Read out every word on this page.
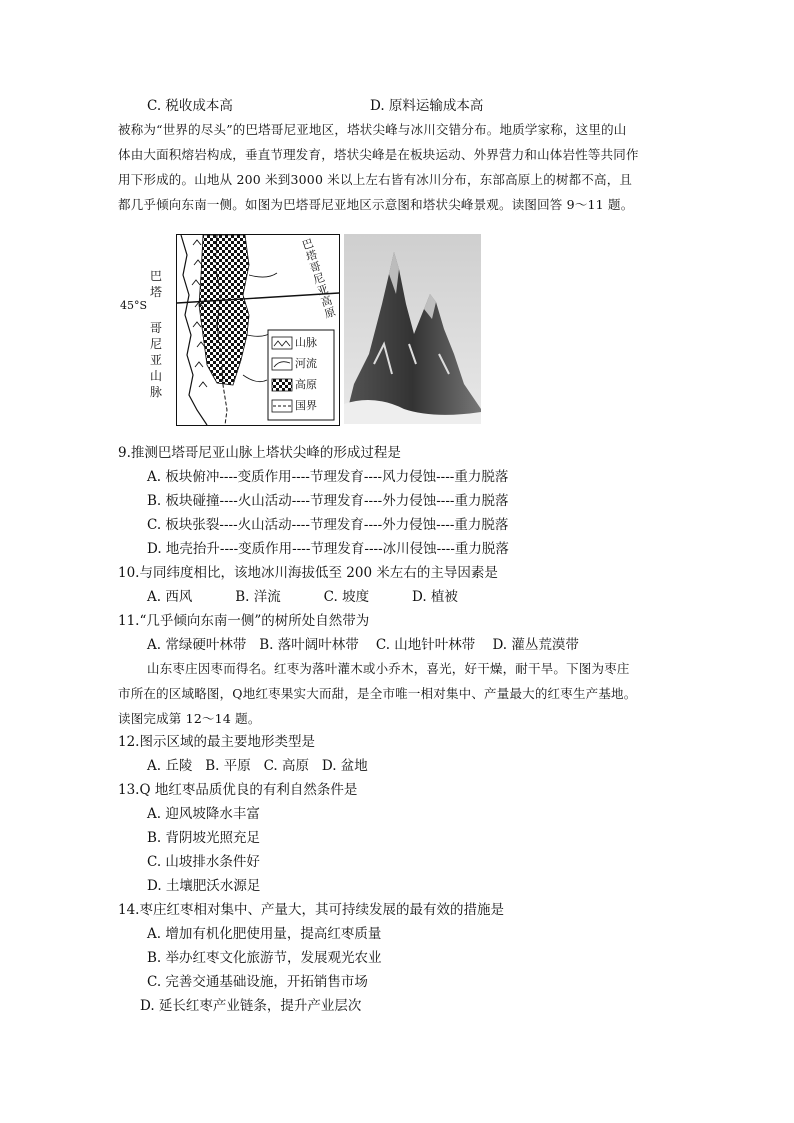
C. 税收成本高	D. 原料运输成本高
被称为“世界的尽头”的巴塔哥尼亚地区，塔状尖峰与冰川交错分布。地质学家称，这里的山
体由大面积熔岩构成，垂直节理发育，塔状尖峰是在板块运动、外界营力和山体岩性等共同作
用下形成的。山地从 200 米到3000 米以上左右皆有冰川分布，东部高原上的树都不高，且
都几乎倾向东南一侧。如图为巴塔哥尼亚地区示意图和塔状尖峰景观。读图回答 9～11 题。
45°S
巴
塔
哥
尼
亚
山
脉
山脉
河流
高原
国界
巴塔哥尼亚高原
9.推测巴塔哥尼亚山脉上塔状尖峰的形成过程是
A. 板块俯冲----变质作用----节理发育----风力侵蚀----重力脱落
B. 板块碰撞----火山活动----节理发育----外力侵蚀----重力脱落
C. 板块张裂----火山活动----节理发育----外力侵蚀----重力脱落
D. 地壳抬升----变质作用----节理发育----冰川侵蚀----重力脱落
10.与同纬度相比，该地冰川海拔低至 200 米左右的主导因素是
A. 西风          B. 洋流          C. 坡度          D. 植被
11.“几乎倾向东南一侧”的树所处自然带为
A. 常绿硬叶林带   B. 落叶阔叶林带    C. 山地针叶林带    D. 灌丛荒漠带
山东枣庄因枣而得名。红枣为落叶灌木或小乔木，喜光，好干燥，耐干旱。下图为枣庄
市所在的区域略图，Q地红枣果实大而甜，是全市唯一相对集中、产量最大的红枣生产基地。
读图完成第 12～14 题。
12.图示区域的最主要地形类型是
A. 丘陵   B. 平原   C. 高原   D. 盆地
13.Q 地红枣品质优良的有利自然条件是
A. 迎风坡降水丰富
B. 背阴坡光照充足
C. 山坡排水条件好
D. 土壤肥沃水源足
14.枣庄红枣相对集中、产量大，其可持续发展的最有效的措施是
A. 增加有机化肥使用量，提高红枣质量
B. 举办红枣文化旅游节，发展观光农业
C. 完善交通基础设施，开拓销售市场
D. 延长红枣产业链条，提升产业层次
